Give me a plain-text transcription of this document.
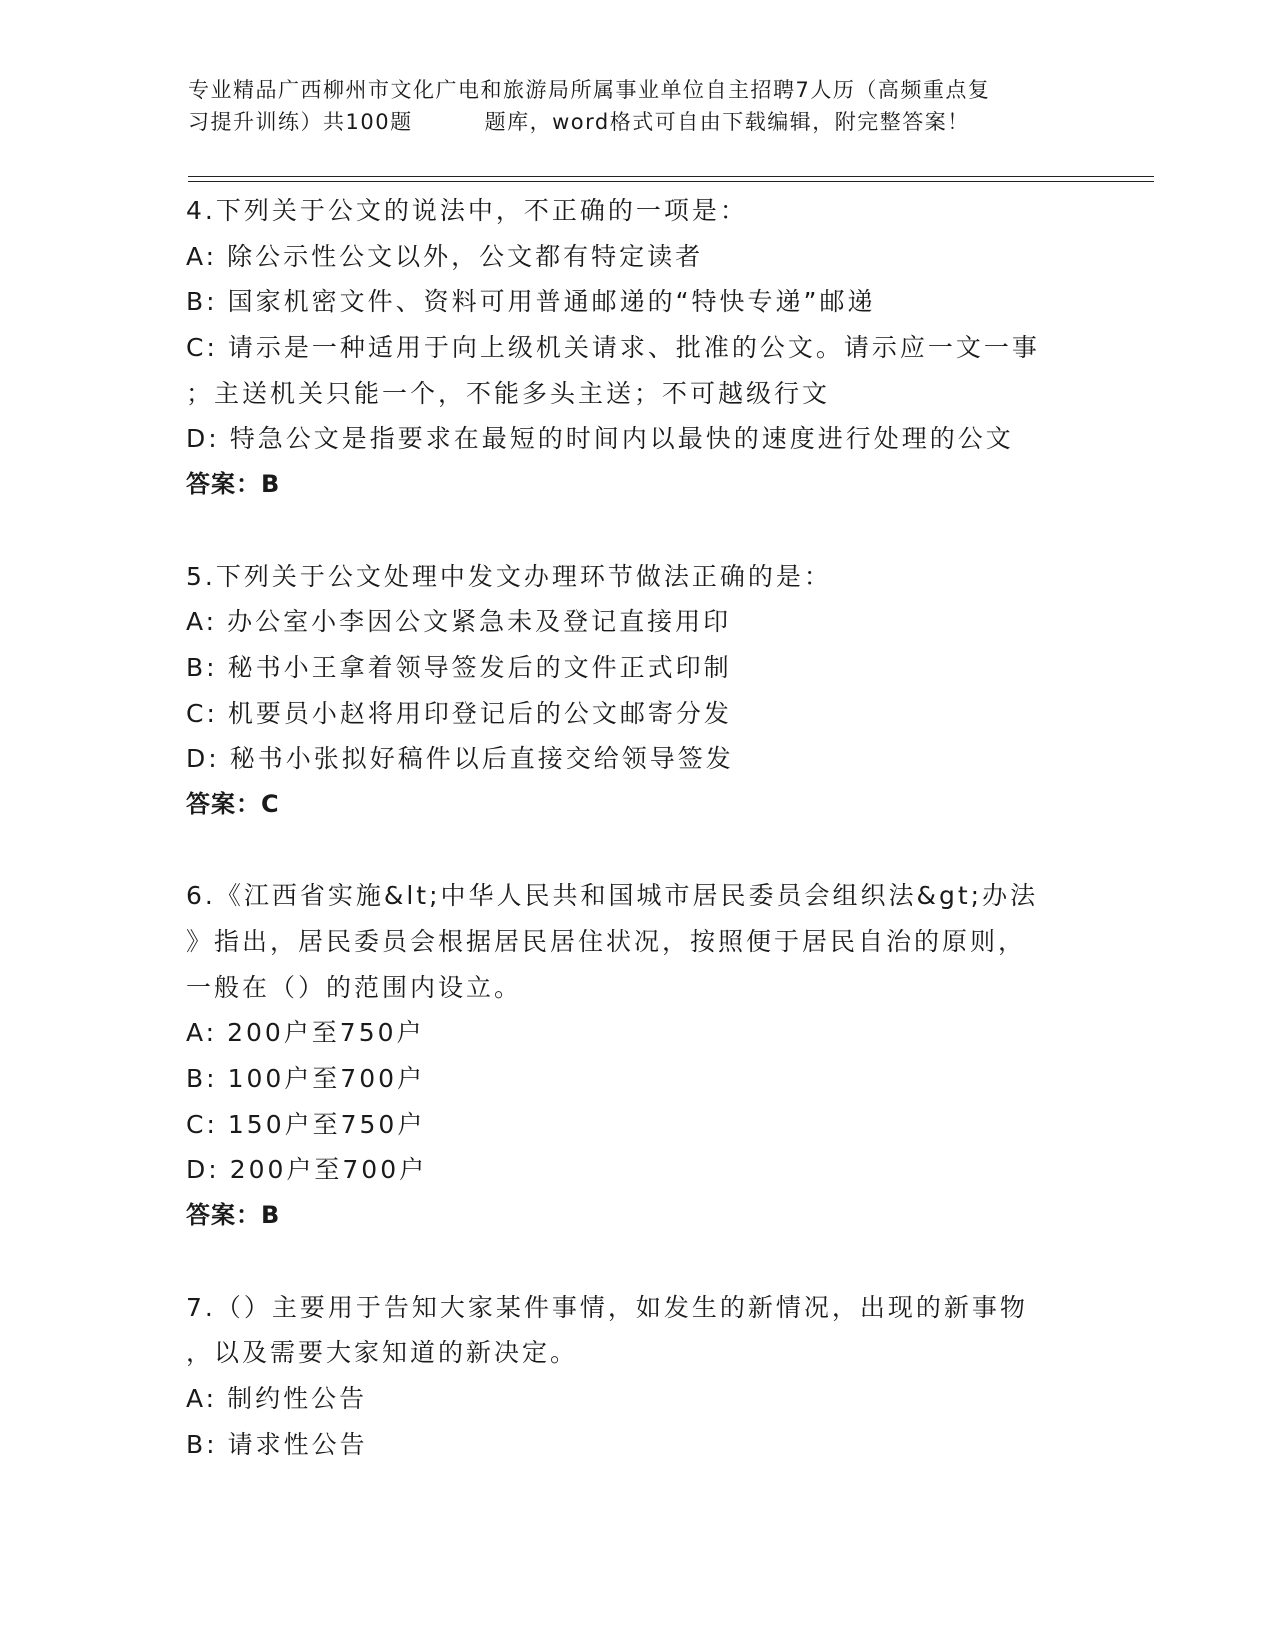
专业精品广西柳州市文化广电和旅游局所属事业单位自主招聘7人历（高频重点复
习提升训练）共100题	题库，word格式可自由下载编辑，附完整答案！
4.下列关于公文的说法中，不正确的一项是：
A: 除公示性公文以外，公文都有特定读者
B: 国家机密文件、资料可用普通邮递的“特快专递”邮递
C: 请示是一种适用于向上级机关请求、批准的公文。请示应一文一事
；主送机关只能一个，不能多头主送；不可越级行文
D: 特急公文是指要求在最短的时间内以最快的速度进行处理的公文
答案：B
5.下列关于公文处理中发文办理环节做法正确的是：
A: 办公室小李因公文紧急未及登记直接用印
B: 秘书小王拿着领导签发后的文件正式印制
C: 机要员小赵将用印登记后的公文邮寄分发
D: 秘书小张拟好稿件以后直接交给领导签发
答案：C
6.《江西省实施&lt;中华人民共和国城市居民委员会组织法&gt;办法
》指出，居民委员会根据居民居住状况，按照便于居民自治的原则，
一般在（）的范围内设立。
A: 200户至750户
B: 100户至700户
C: 150户至750户
D: 200户至700户
答案：B
7.（）主要用于告知大家某件事情，如发生的新情况，出现的新事物
，以及需要大家知道的新决定。
A: 制约性公告
B: 请求性公告
